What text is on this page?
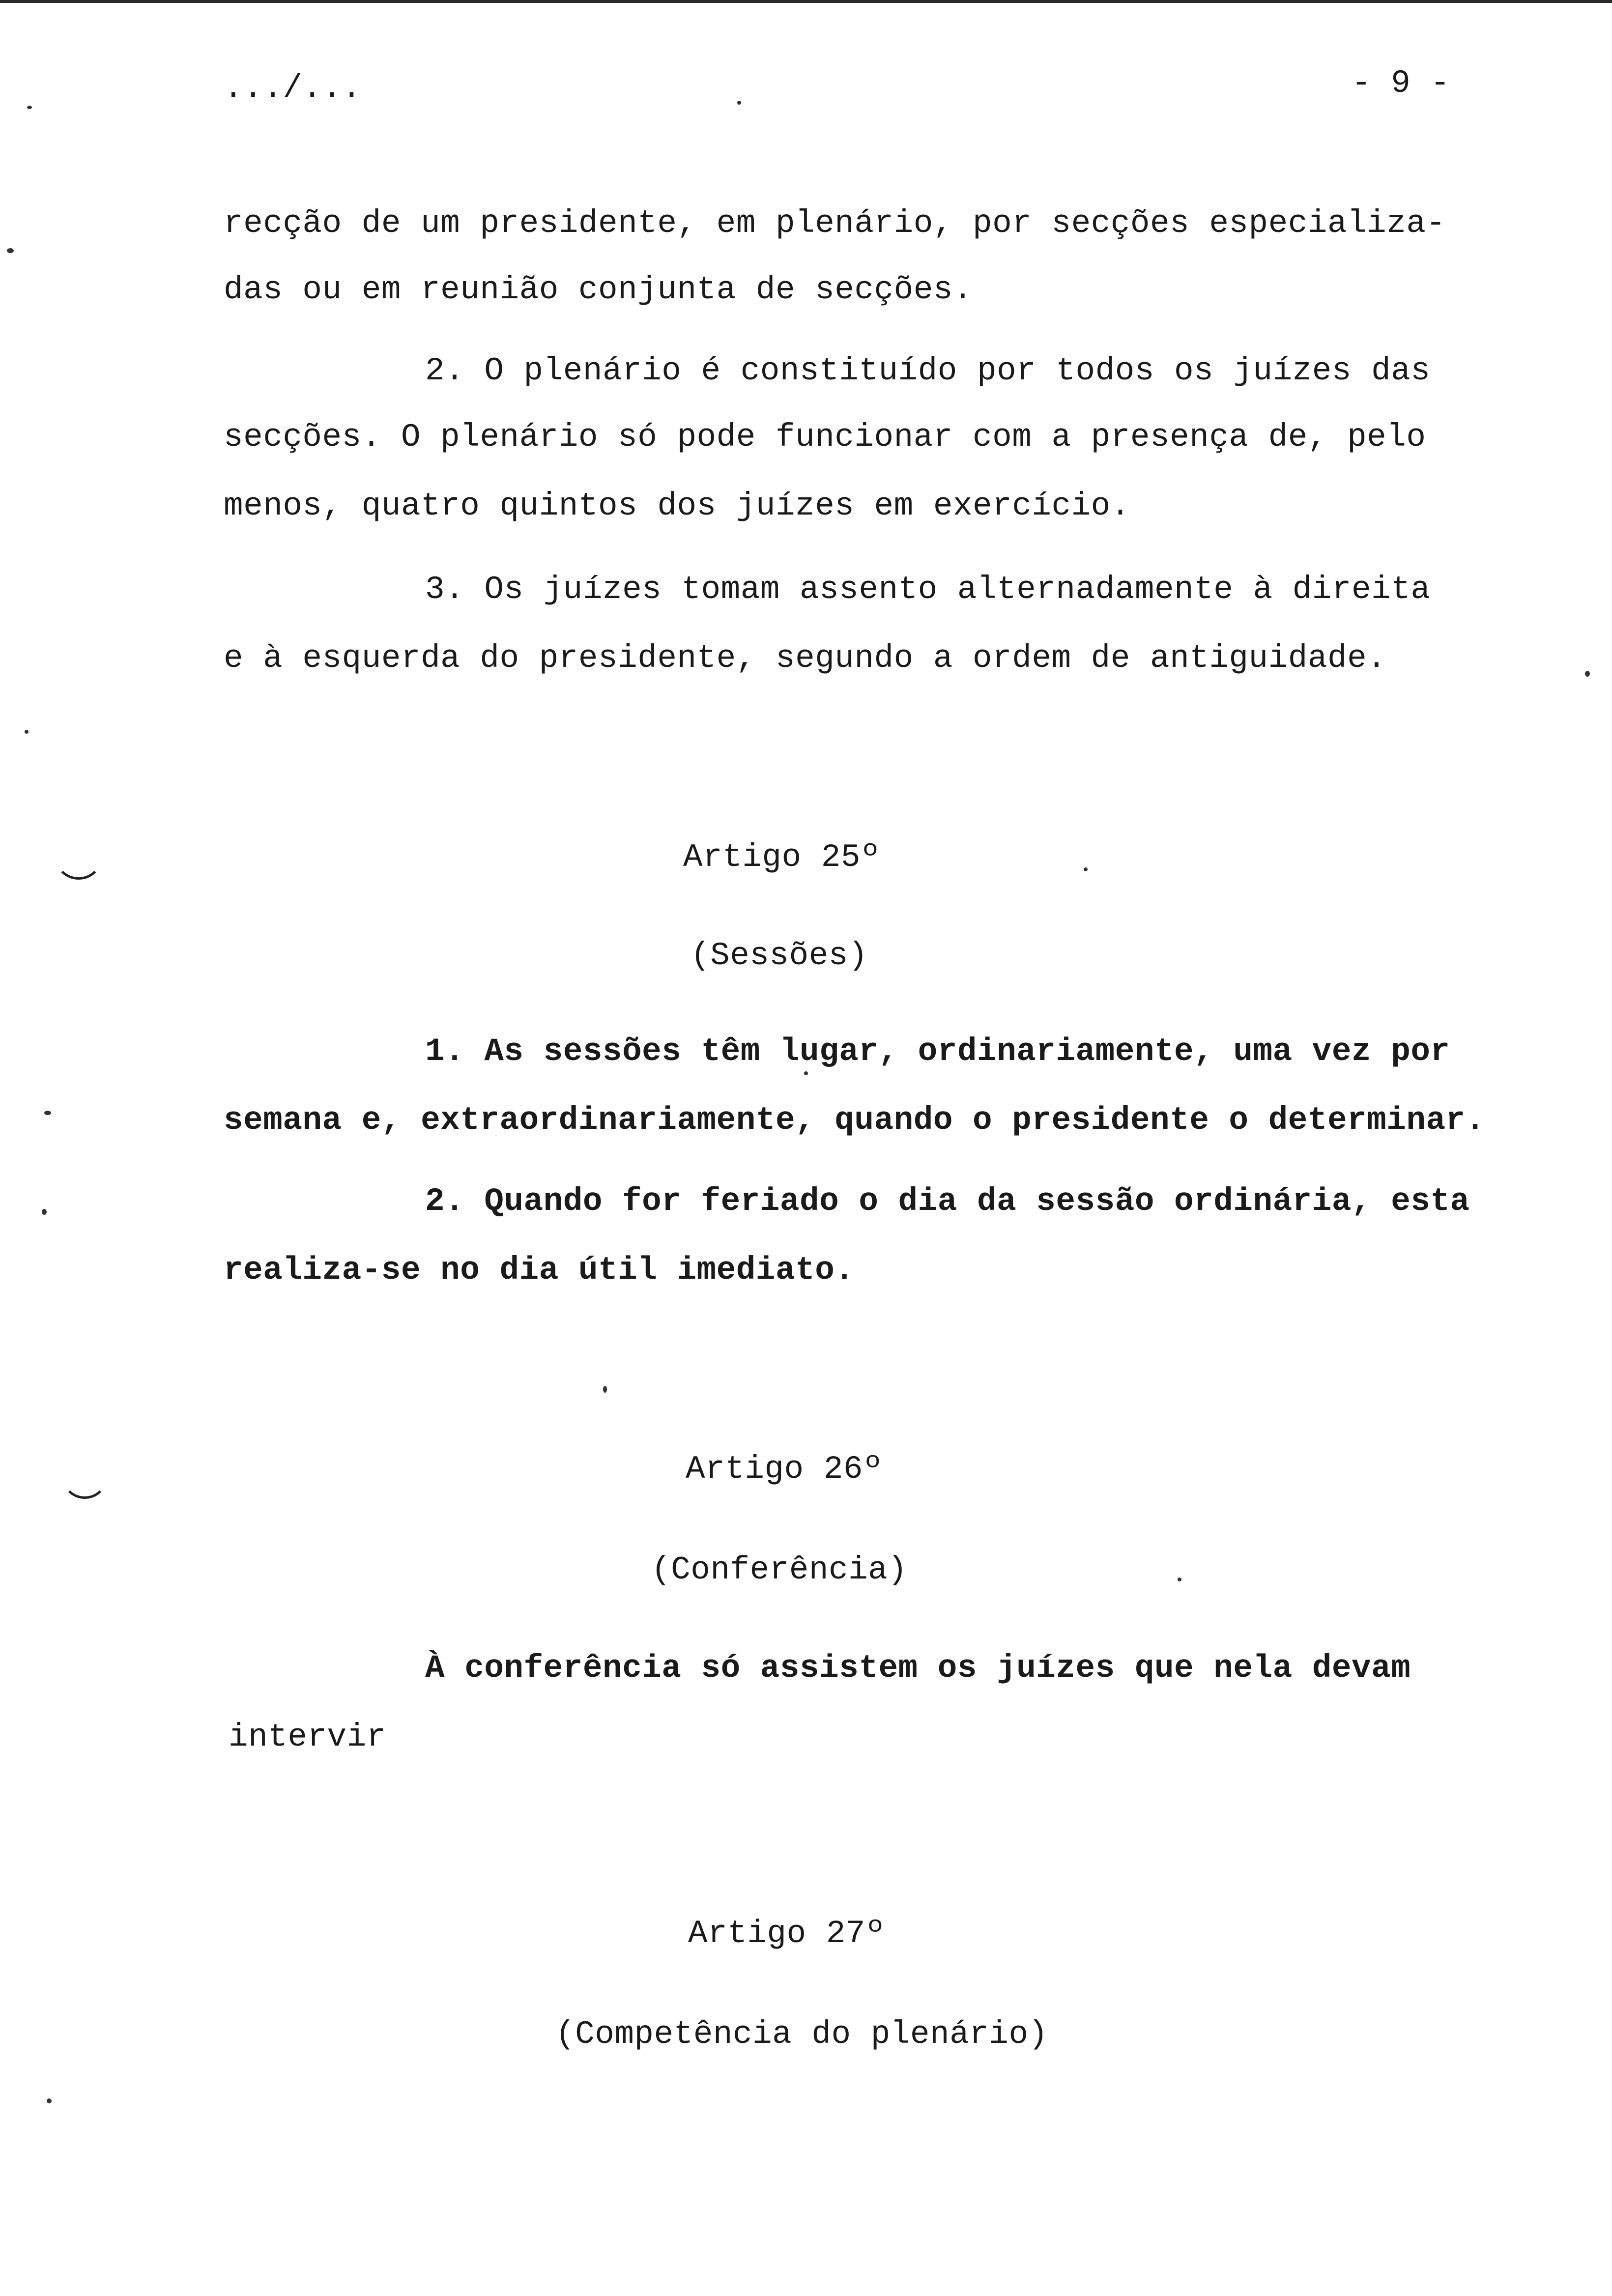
.../...	- 9 -
recção de um presidente, em plenário, por secções especializa-
das ou em reunião conjunta de secções.
2. O plenário é constituído por todos os juízes das
secções. O plenário só pode funcionar com a presença de, pelo
menos, quatro quintos dos juízes em exercício.
3. Os juízes tomam assento alternadamente à direita
e à esquerda do presidente, segundo a ordem de antiguidade.
Artigo 25º
(Sessões)
1. As sessões têm lugar, ordinariamente, uma vez por
semana e, extraordinariamente, quando o presidente o determinar.
2. Quando for feriado o dia da sessão ordinária, esta
realiza-se no dia útil imediato.
Artigo 26º
(Conferência)
À conferência só assistem os juízes que nela devam
intervir
Artigo 27º
(Competência do plenário)
